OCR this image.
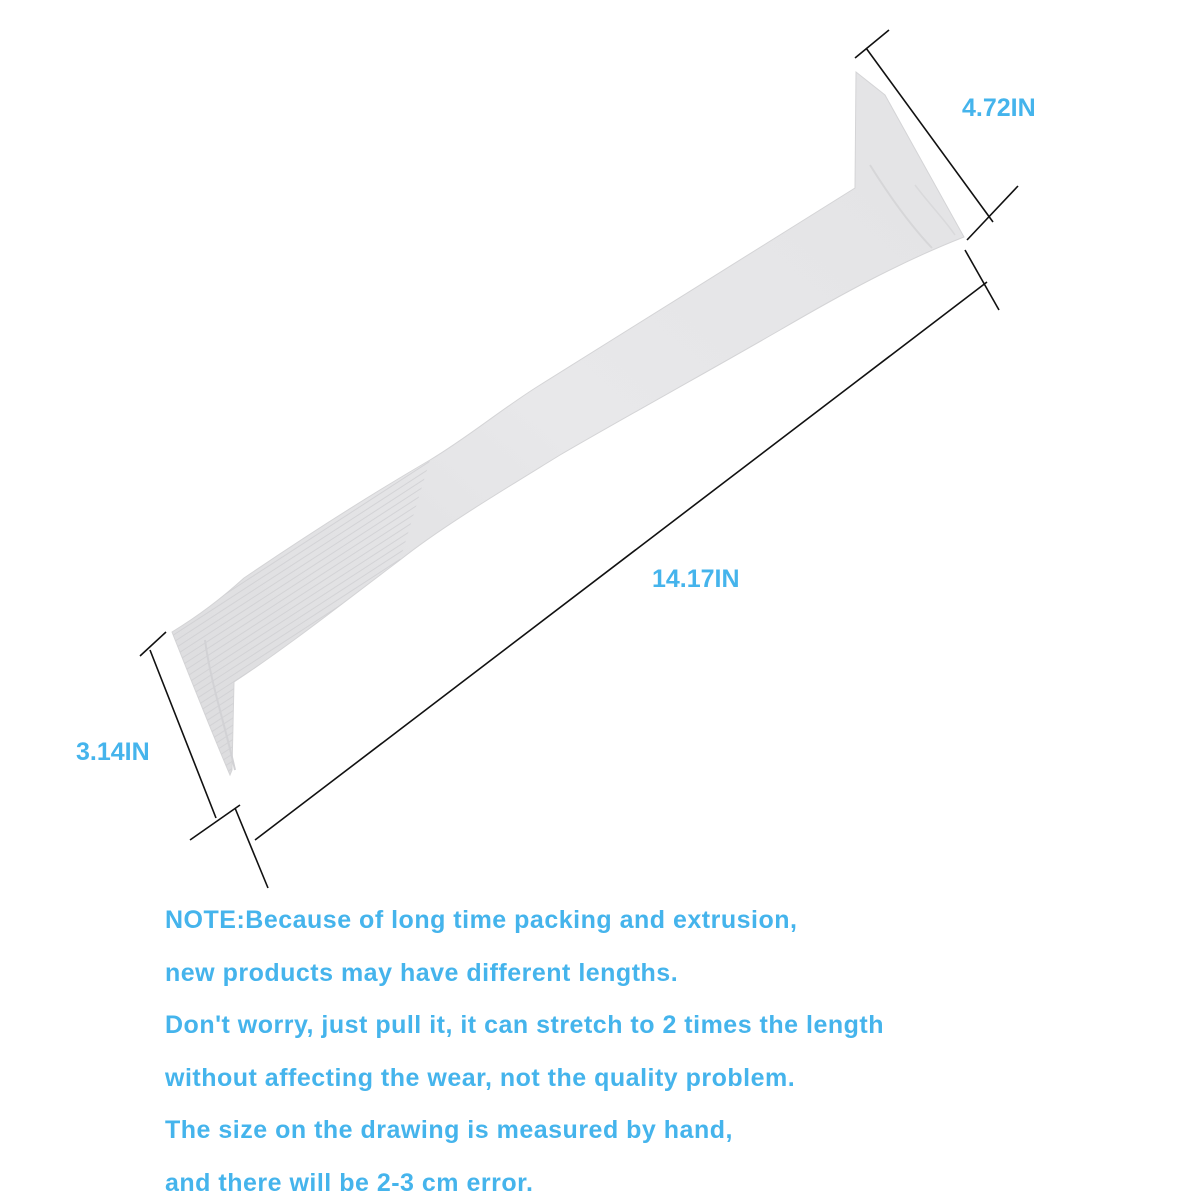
4.72IN
14.17IN
3.14IN
NOTE:Because of long time packing and extrusion,
new products may have different lengths.
Don't worry, just pull it, it can stretch to 2 times the length
without affecting the wear, not the quality problem.
The size on the drawing is measured by hand,
and there will be 2-3 cm error.
